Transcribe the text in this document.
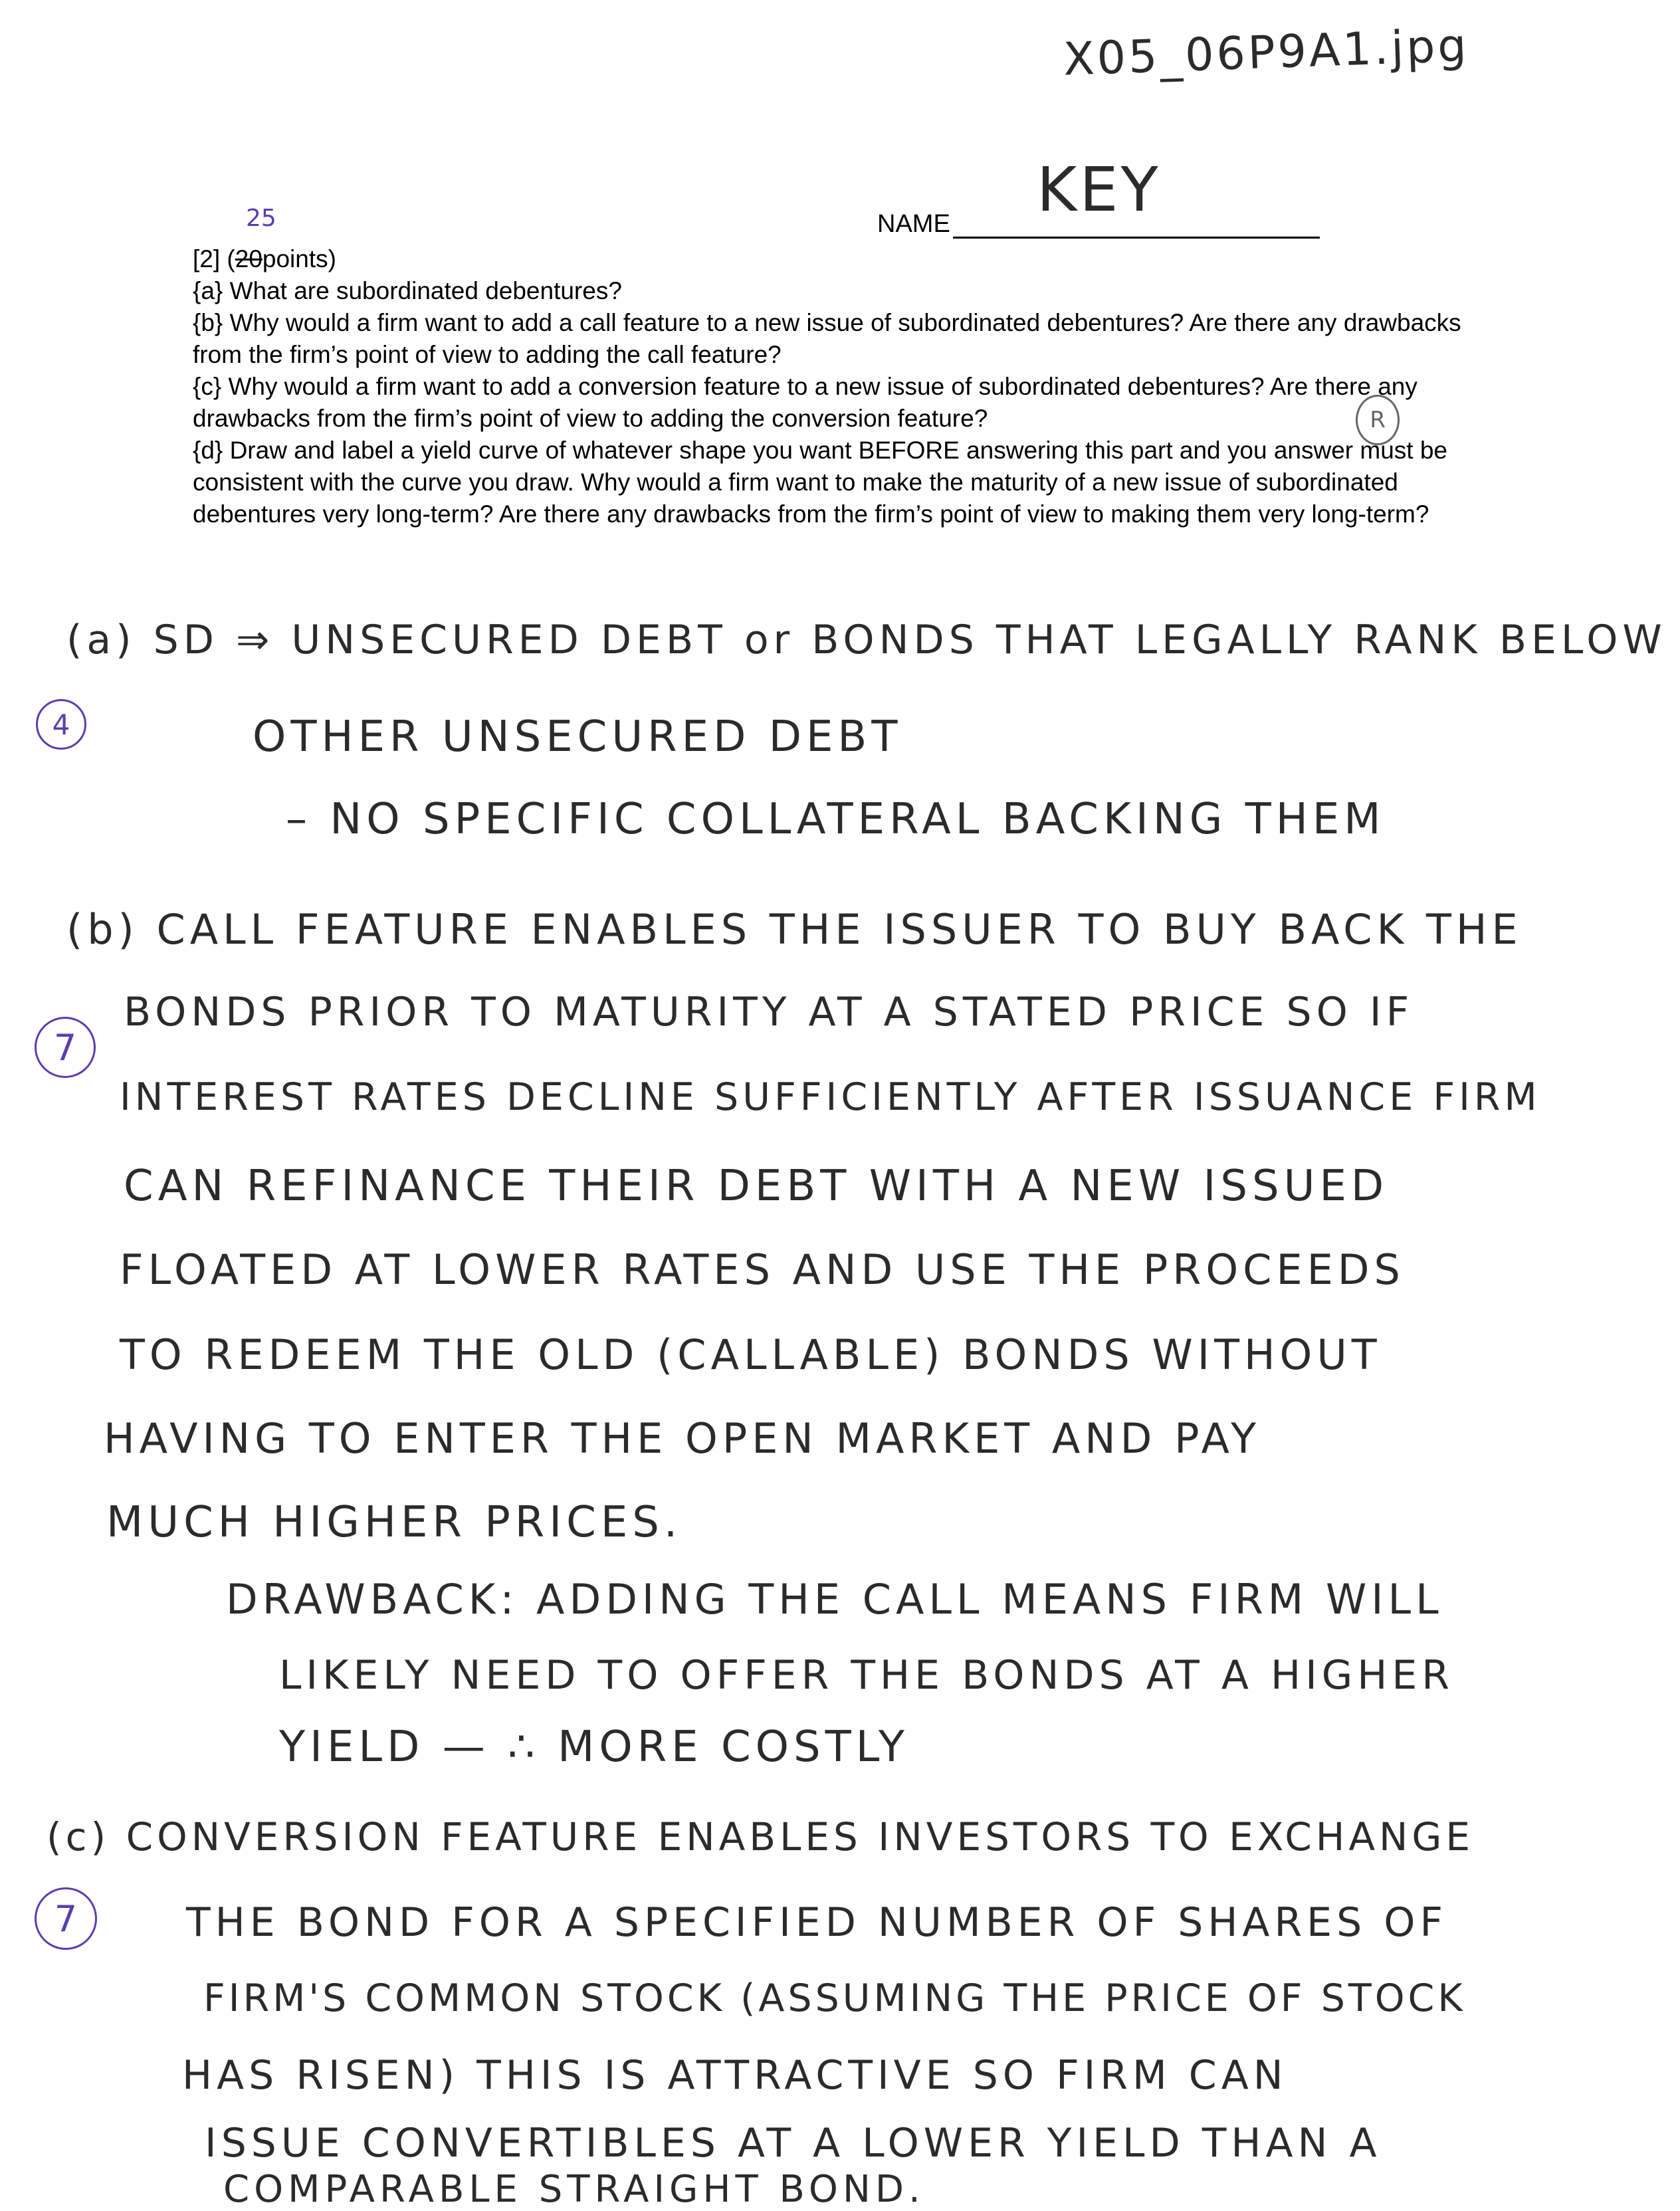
X05_06P9A1.jpg
NAME KEY
25

[2] (20points)

{a} What are subordinated debentures?

{b} Why would a firm want to add a call feature to a new issue of subordinated debentures? Are there any drawbacks from the firm’s point of view to adding the call feature?

{c} Why would a firm want to add a conversion feature to a new issue of subordinated debentures? Are there any drawbacks from the firm’s point of view to adding the conversion feature?

{d} Draw and label a yield curve of whatever shape you want BEFORE answering this part and you answer must be consistent with the curve you draw. Why would a firm want to make the maturity of a new issue of subordinated debentures very long-term? Are there any drawbacks from the firm’s point of view to making them very long-term?

R
4
(a) SD ⇒ UNSECURED DEBT or BONDS THAT LEGALLY RANK BELOW
OTHER UNSECURED DEBT
– NO SPECIFIC COLLATERAL BACKING THEM
7
(b) CALL FEATURE ENABLES THE ISSUER TO BUY BACK THE
BONDS PRIOR TO MATURITY AT A STATED PRICE SO IF
INTEREST RATES DECLINE SUFFICIENTLY AFTER ISSUANCE FIRM
CAN REFINANCE THEIR DEBT WITH A NEW ISSUED
FLOATED AT LOWER RATES AND USE THE PROCEEDS
TO REDEEM THE OLD (CALLABLE) BONDS WITHOUT
HAVING TO ENTER THE OPEN MARKET AND PAY
MUCH HIGHER PRICES.
DRAWBACK: ADDING THE CALL MEANS FIRM WILL
LIKELY NEED TO OFFER THE BONDS AT A HIGHER
YIELD — ∴ MORE COSTLY
7
(c) CONVERSION FEATURE ENABLES INVESTORS TO EXCHANGE
THE BOND FOR A SPECIFIED NUMBER OF SHARES OF
FIRM'S COMMON STOCK (ASSUMING THE PRICE OF STOCK
HAS RISEN) THIS IS ATTRACTIVE SO FIRM CAN
ISSUE CONVERTIBLES AT A LOWER YIELD THAN A
COMPARABLE STRAIGHT BOND.
